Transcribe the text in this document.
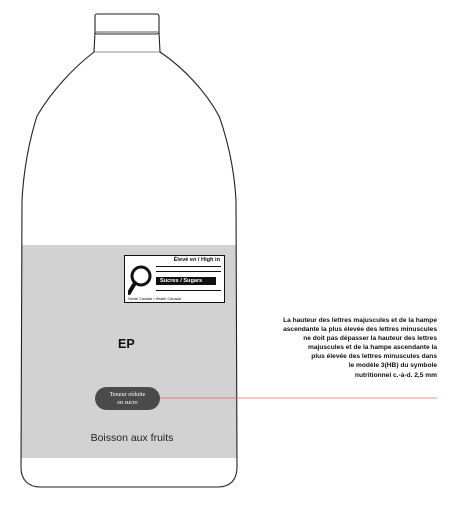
Élevé en / High in
Sucres / Sugars
Santé Canada / Health Canada
EP
Teneur réduite
en sucre
Boisson aux fruits
La hauteur des lettres majuscules et de la hampe
ascendante la plus élevée des lettres minuscules
ne doit pas dépasser la hauteur des lettres
majuscules et de la hampe ascendante la
plus élevée des lettres minuscules dans
le modèle 3(HB) du symbole
nutritionnel c.-à-d. 2,5 mm
